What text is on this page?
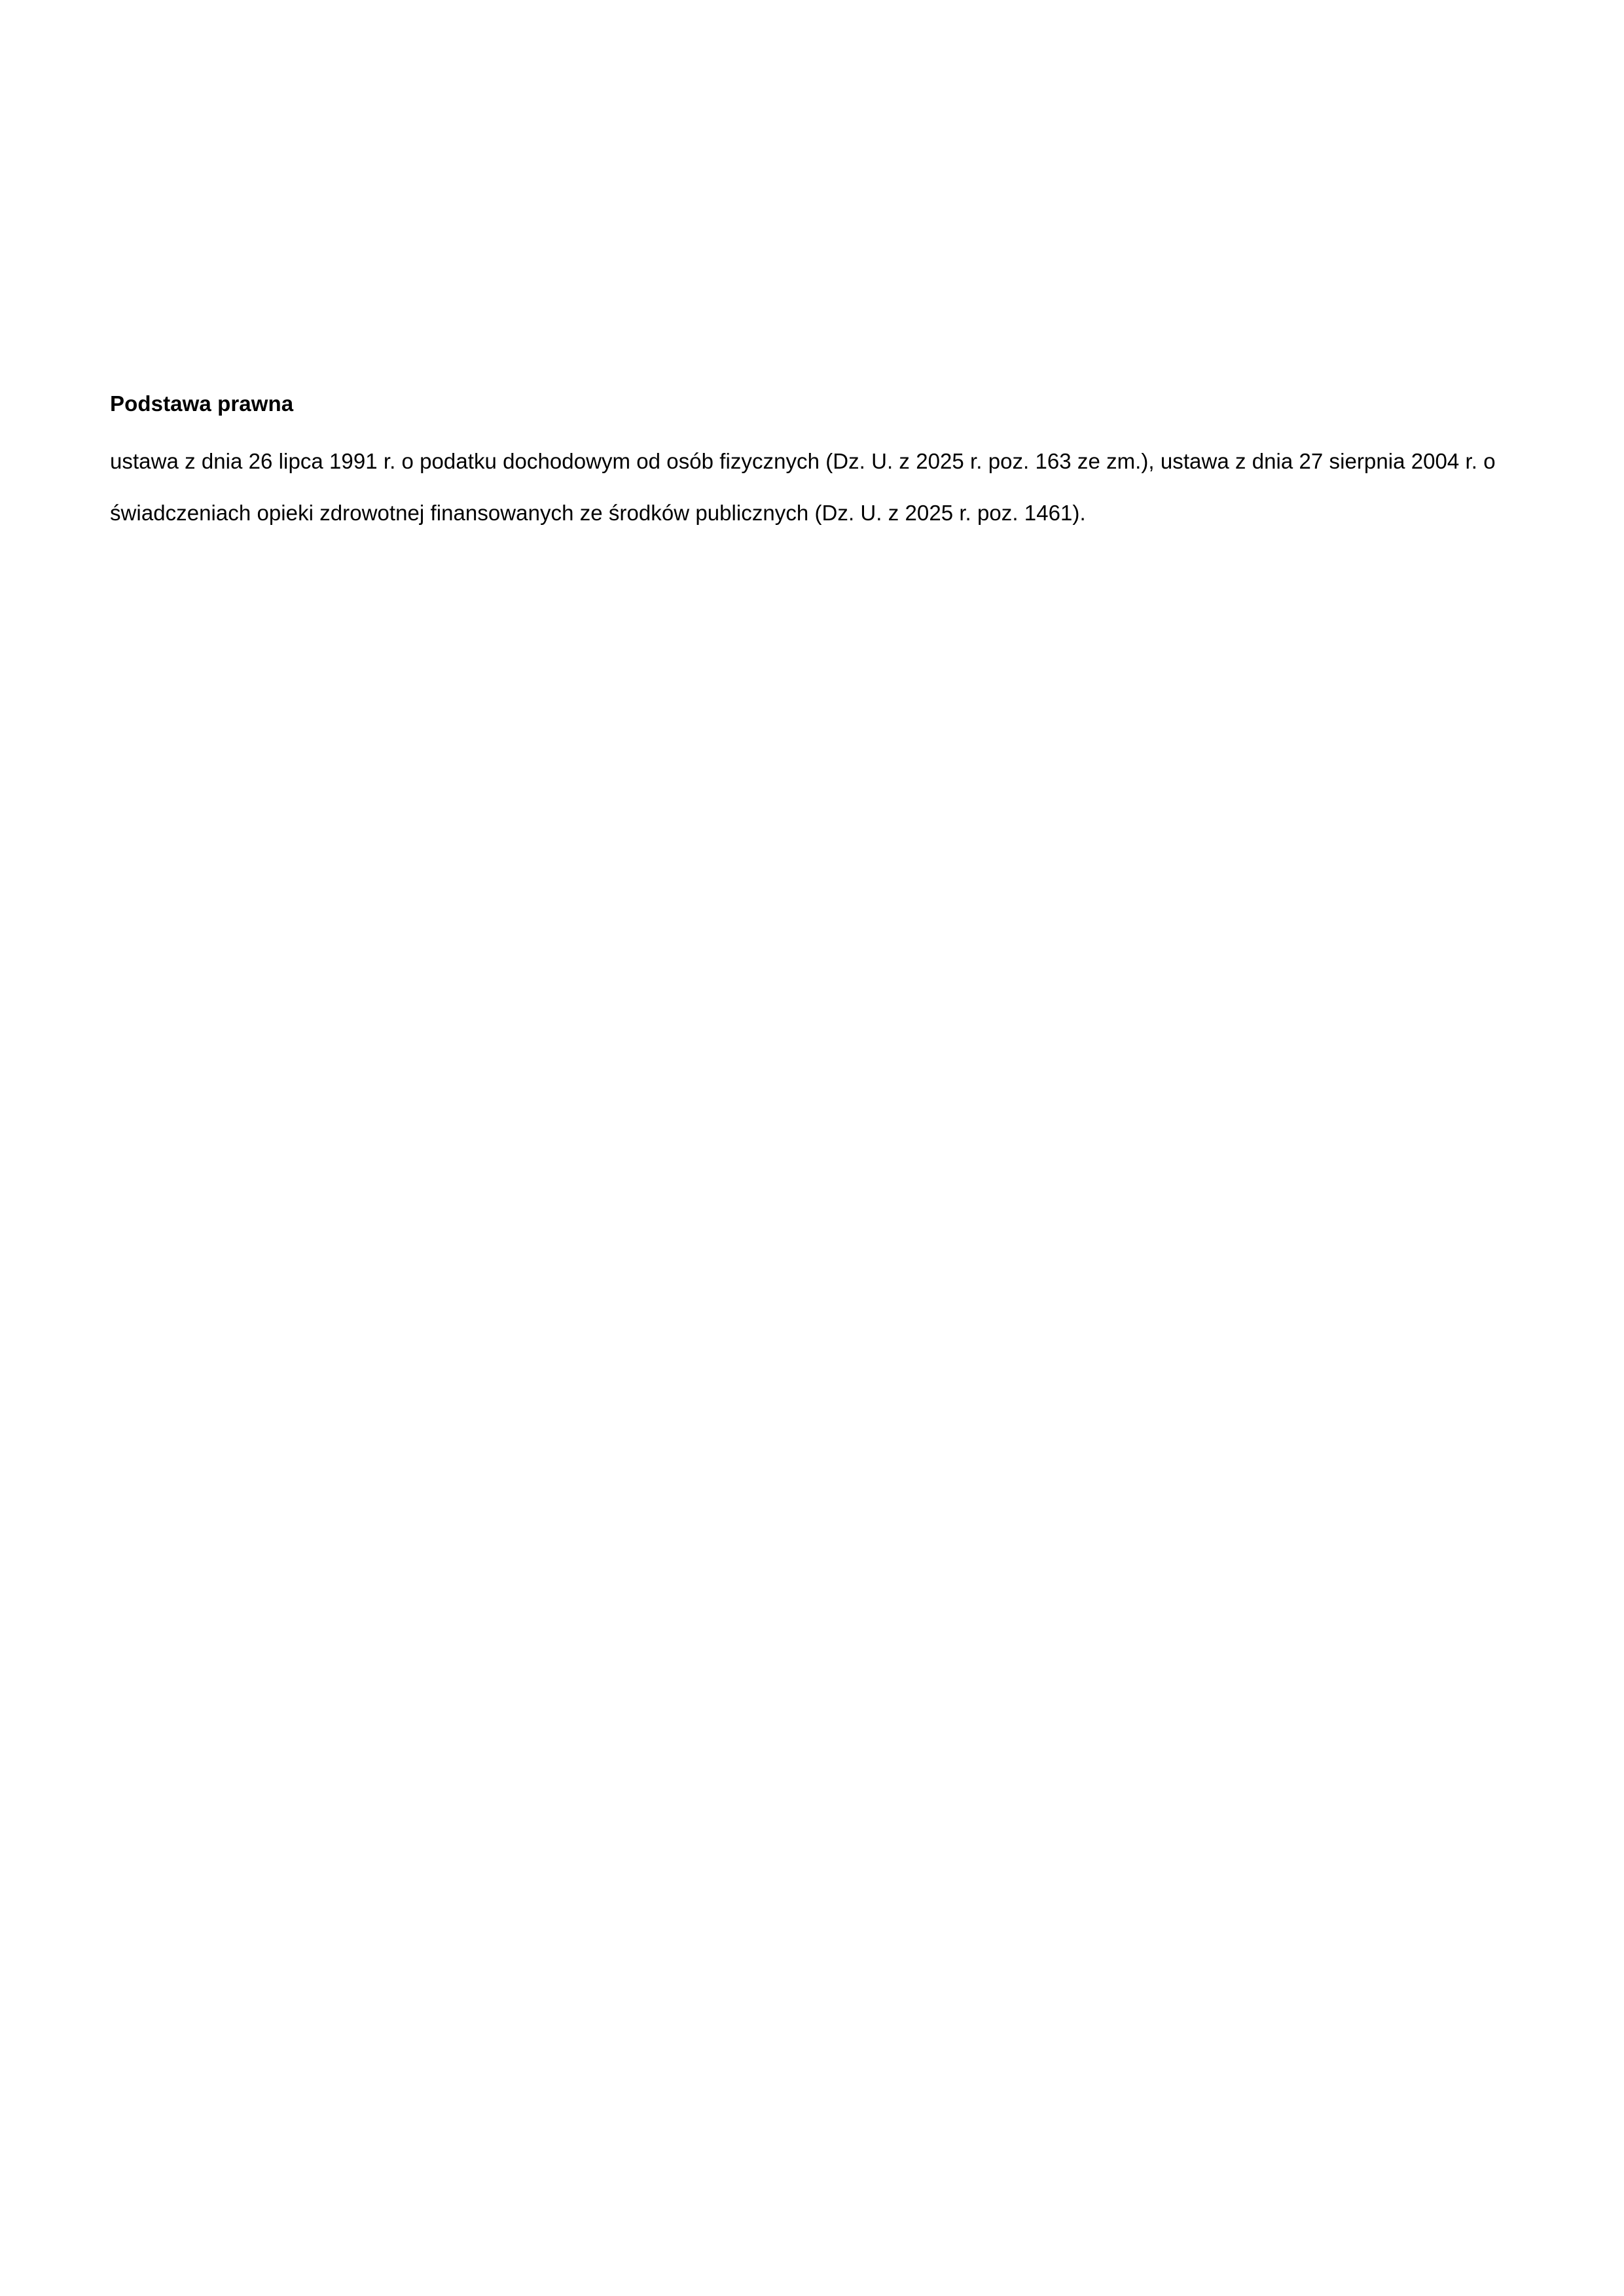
Podstawa prawna

ustawa z dnia 26 lipca 1991 r. o podatku dochodowym od osób fizycznych (Dz. U. z 2025 r. poz. 163 ze zm.), ustawa z dnia 27 sierpnia 2004 r. o świadczeniach opieki zdrowotnej finansowanych ze środków publicznych (Dz. U. z 2025 r. poz. 1461).
